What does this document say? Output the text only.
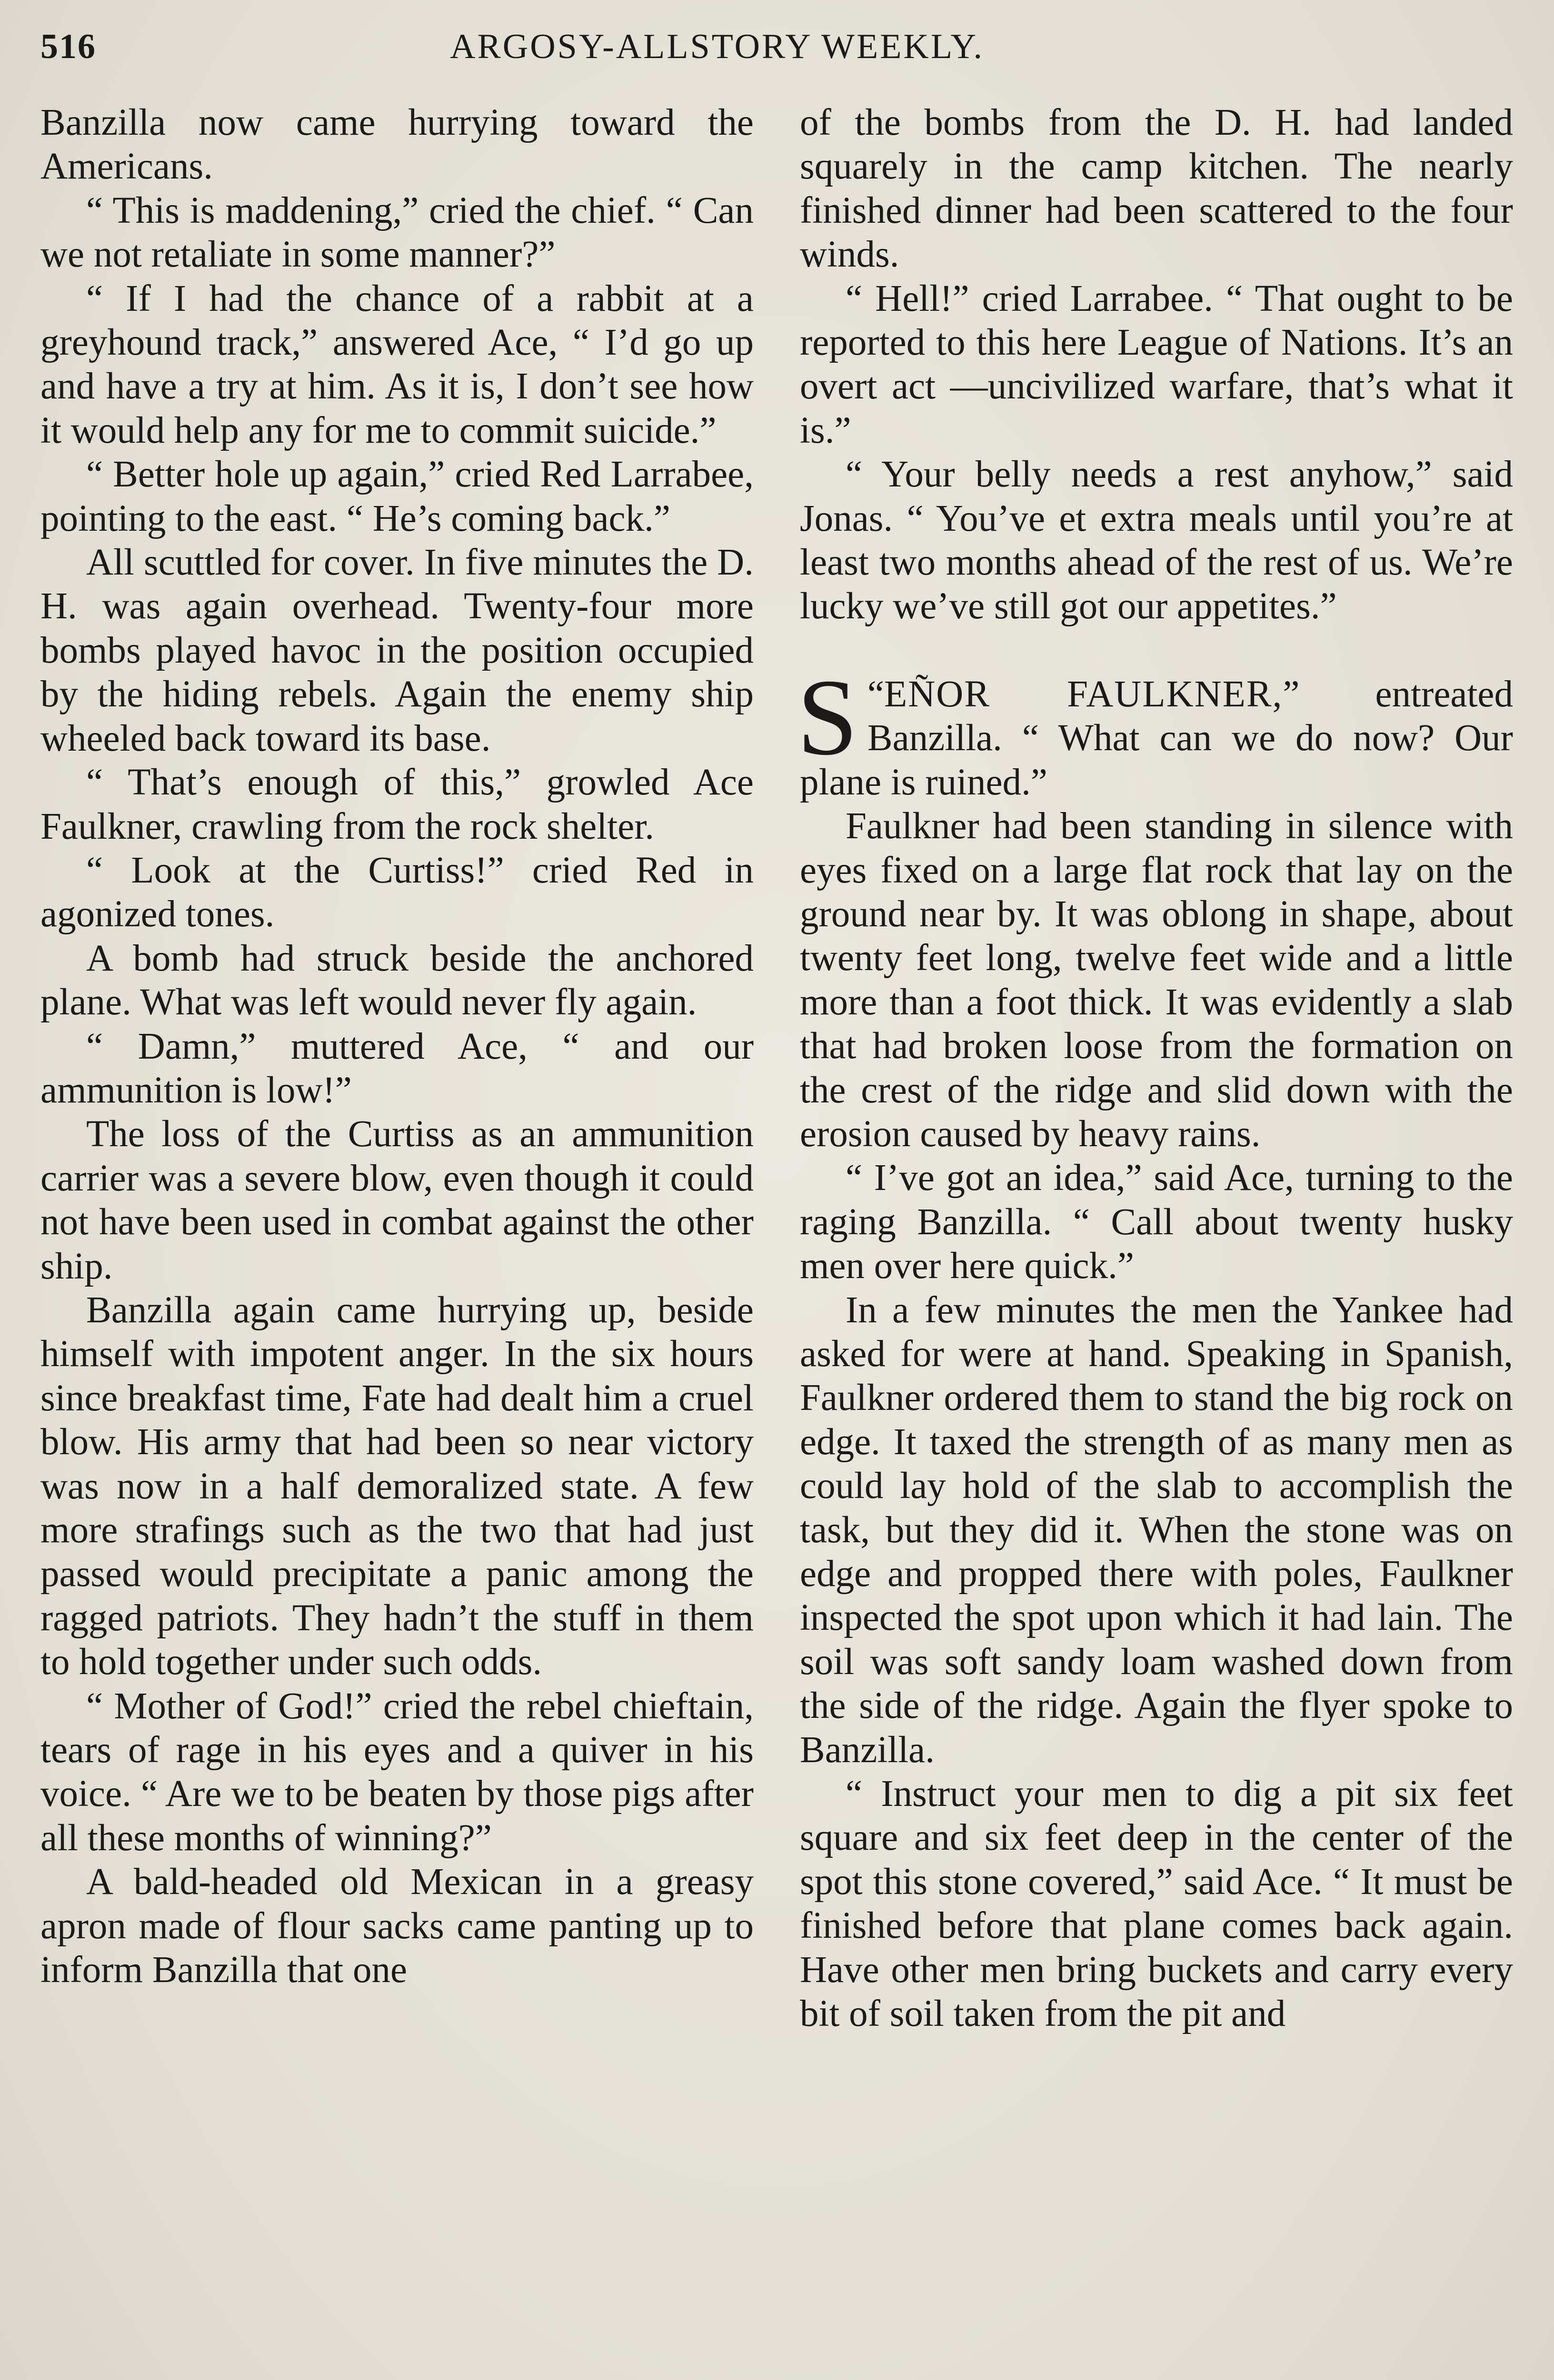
516	ARGOSY-ALLSTORY WEEKLY.

Banzilla now came hurrying toward the Americans.

“ This is maddening,” cried the chief. “ Can we not retaliate in some manner?”

“ If I had the chance of a rabbit at a greyhound track,” answered Ace, “ I’d go up and have a try at him. As it is, I don’t see how it would help any for me to commit suicide.”

“ Better hole up again,” cried Red Larrabee, pointing to the east. “ He’s coming back.”

All scuttled for cover. In five minutes the D. H. was again overhead. Twenty-four more bombs played havoc in the position occupied by the hiding rebels. Again the enemy ship wheeled back toward its base.

“ That’s enough of this,” growled Ace Faulkner, crawling from the rock shelter.

“ Look at the Curtiss!” cried Red in agonized tones.

A bomb had struck beside the anchored plane. What was left would never fly again.

“ Damn,” muttered Ace, “ and our ammunition is low!”

The loss of the Curtiss as an ammunition carrier was a severe blow, even though it could not have been used in combat against the other ship.

Banzilla again came hurrying up, beside himself with impotent anger. In the six hours since breakfast time, Fate had dealt him a cruel blow. His army that had been so near victory was now in a half demoralized state. A few more strafings such as the two that had just passed would precipitate a panic among the ragged patriots. They hadn’t the stuff in them to hold together under such odds.

“ Mother of God!” cried the rebel chieftain, tears of rage in his eyes and a quiver in his voice. “ Are we to be beaten by those pigs after all these months of winning?”

A bald-headed old Mexican in a greasy apron made of flour sacks came panting up to inform Banzilla that one

of the bombs from the D. H. had landed squarely in the camp kitchen. The nearly finished dinner had been scattered to the four winds.

“ Hell!” cried Larrabee. “ That ought to be reported to this here League of Nations. It’s an overt act —uncivilized warfare, that’s what it is.”

“ Your belly needs a rest anyhow,” said Jonas. “ You’ve et extra meals until you’re at least two months ahead of the rest of us. We’re lucky we’ve still got our appetites.”

“
S EÑOR FAULKNER,” entreated Banzilla. “ What can we do now? Our plane is ruined.”

Faulkner had been standing in silence with eyes fixed on a large flat rock that lay on the ground near by. It was oblong in shape, about twenty feet long, twelve feet wide and a little more than a foot thick. It was evidently a slab that had broken loose from the formation on the crest of the ridge and slid down with the erosion caused by heavy rains.

“ I’ve got an idea,” said Ace, turning to the raging Banzilla. “ Call about twenty husky men over here quick.”

In a few minutes the men the Yankee had asked for were at hand. Speaking in Spanish, Faulkner ordered them to stand the big rock on edge. It taxed the strength of as many men as could lay hold of the slab to accomplish the task, but they did it. When the stone was on edge and propped there with poles, Faulkner inspected the spot upon which it had lain. The soil was soft sandy loam washed down from the side of the ridge. Again the flyer spoke to Banzilla.

“ Instruct your men to dig a pit six feet square and six feet deep in the center of the spot this stone covered,” said Ace. “ It must be finished before that plane comes back again. Have other men bring buckets and carry every bit of soil taken from the pit and
